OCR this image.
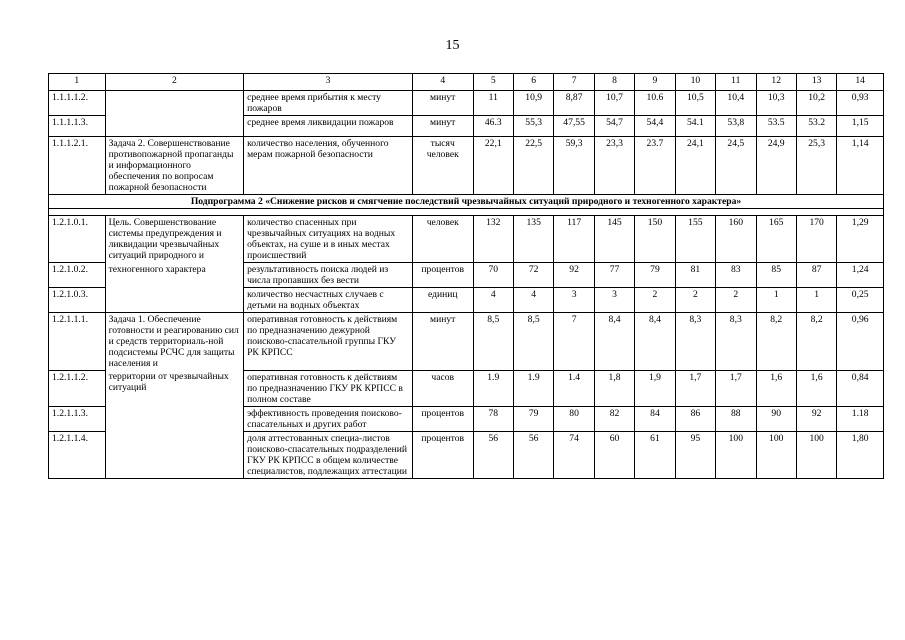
15
1	2	3	4	5	6	7	8	9	10	11	12	13	14
1.1.1.1.2.		среднее время прибытия к месту пожаров	минут	11	10,9	8,87	10,7	10.6	10,5	10,4	10,3	10,2	0,93
1.1.1.1.3.		среднее время ликвидации пожаров	минут	46.3	55,3	47,55	54,7	54,4	54.1	53,8	53.5	53.2	1,15
1.1.1.2.1.	Задача 2. Совершенствование противопожарной пропаганды и информационного обеспечения по вопросам пожарной безопасности	количество населения, обученного мерам пожарной безопасности	тысяч человек	22,1	22,5	59,3	23,3	23.7	24,1	24,5	24,9	25,3	1,14
Подпрограмма 2 «Снижение рисков и смягчение последствий чрезвычайных ситуаций природного и техногенного характера»													

1.2.1.0.1.	Цель. Совершенствование системы предупреждения и ликвидации чрезвычайных ситуаций природного и	количество спасенных при чрезвычайных ситуациях на водных объектах, на суше и в иных местах происшествий	человек	132	135	117	145	150	155	160	165	170	1,29
1.2.1.0.2.	техногенного характера	результативность поиска людей из числа пропавших без вести	процентов	70	72	92	77	79	81	83	85	87	1,24
1.2.1.0.3.		количество несчастных случаев с детьми на водных объектах	единиц	4	4	3	3	2	2	2	1	1	0,25
1.2.1.1.1.	Задача 1. Обеспечение готовности и реагированию сил и средств территориаль-ной подсистемы РСЧС для защиты населения и	оперативная готовность к действиям по предназначению дежурной поисково-спасательной группы ГКУ РК КРПСС	минут	8,5	8,5	7	8,4	8,4	8,3	8,3	8,2	8,2	0,96
1.2.1.1.2.	территории от чрезвычайных ситуаций	оперативная готовность к действиям по предназначению ГКУ РК КРПСС в полном составе	часов	1.9	1.9	1.4	1,8	1,9	1,7	1,7	1,6	1,6	0,84
1.2.1.1.3.		эффективность проведения поисково-спасательных и других работ	процентов	78	79	80	82	84	86	88	90	92	1.18
1.2.1.1.4.		доля аттестованных специа-листов поисково-спасательных подразделений ГКУ РК КРПСС в общем количестве специалистов, подлежащих аттестации	процентов	56	56	74	60	61	95	100	100	100	1,80
